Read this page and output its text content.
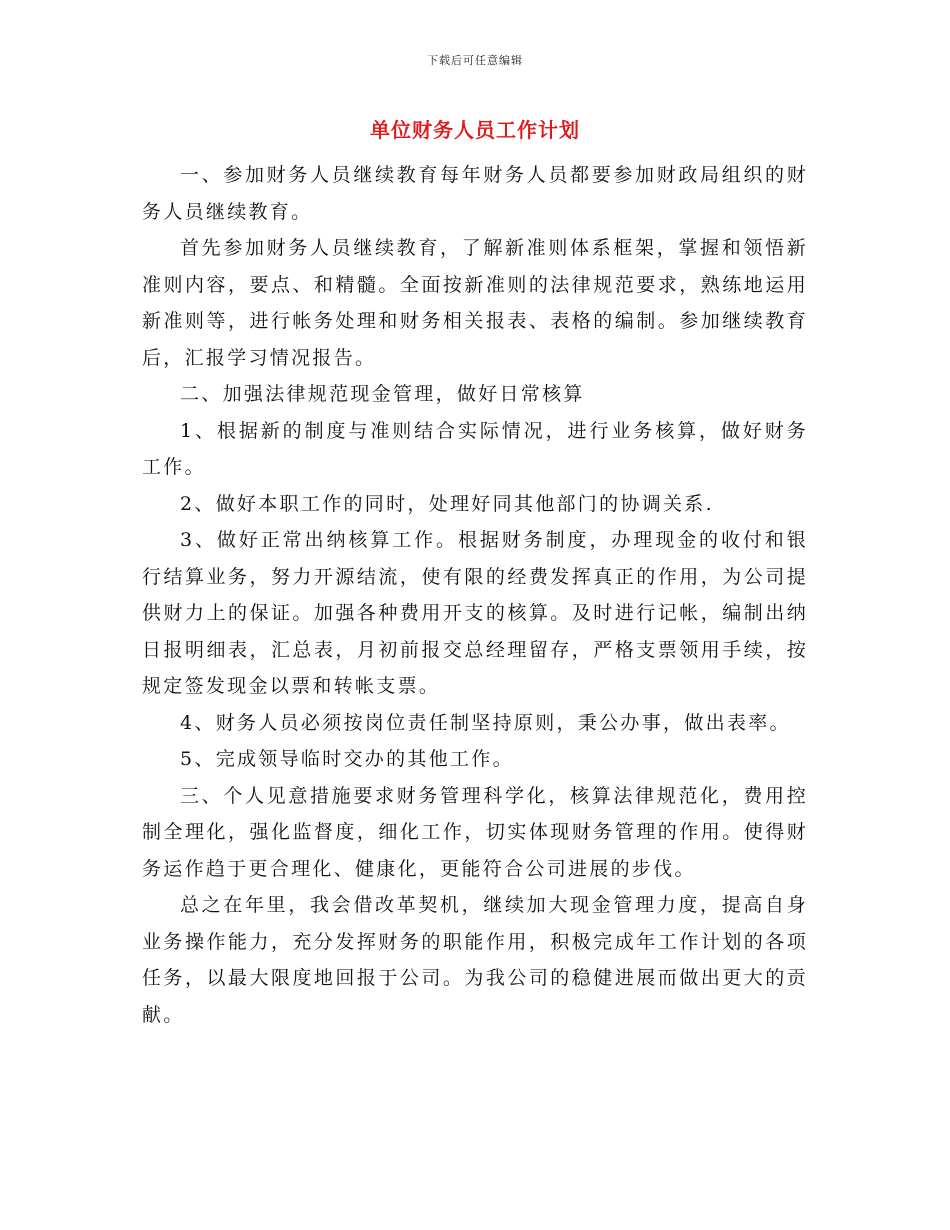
下载后可任意编辑
单位财务人员工作计划

一、参加财务人员继续教育每年财务人员都要参加财政局组织的财务人员继续教育。

首先参加财务人员继续教育，了解新准则体系框架，掌握和领悟新准则内容，要点、和精髓。全面按新准则的法律规范要求，熟练地运用新准则等，进行帐务处理和财务相关报表、表格的编制。参加继续教育后，汇报学习情况报告。

二、加强法律规范现金管理，做好日常核算

1、根据新的制度与准则结合实际情况，进行业务核算，做好财务工作。

2、做好本职工作的同时，处理好同其他部门的协调关系.

3、做好正常出纳核算工作。根据财务制度，办理现金的收付和银行结算业务，努力开源结流，使有限的经费发挥真正的作用，为公司提供财力上的保证。加强各种费用开支的核算。及时进行记帐，编制出纳日报明细表，汇总表，月初前报交总经理留存，严格支票领用手续，按规定签发现金以票和转帐支票。

4、财务人员必须按岗位责任制坚持原则，秉公办事，做出表率。

5、完成领导临时交办的其他工作。

三、个人见意措施要求财务管理科学化，核算法律规范化，费用控制全理化，强化监督度，细化工作，切实体现财务管理的作用。使得财务运作趋于更合理化、健康化，更能符合公司进展的步伐。

总之在年里，我会借改革契机，继续加大现金管理力度，提高自身业务操作能力，充分发挥财务的职能作用，积极完成年工作计划的各项任务，以最大限度地回报于公司。为我公司的稳健进展而做出更大的贡献。
